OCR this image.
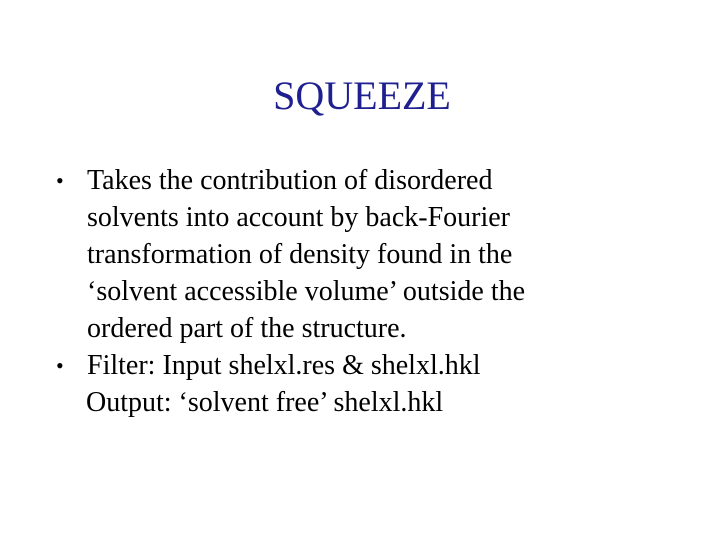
SQUEEZE
• Takes the contribution of disordered
solvents into account by back-Fourier
transformation of density found in the
‘solvent accessible volume’ outside the
ordered part of the structure.
• Filter: Input shelxl.res & shelxl.hkl
Output: ‘solvent free’ shelxl.hkl
